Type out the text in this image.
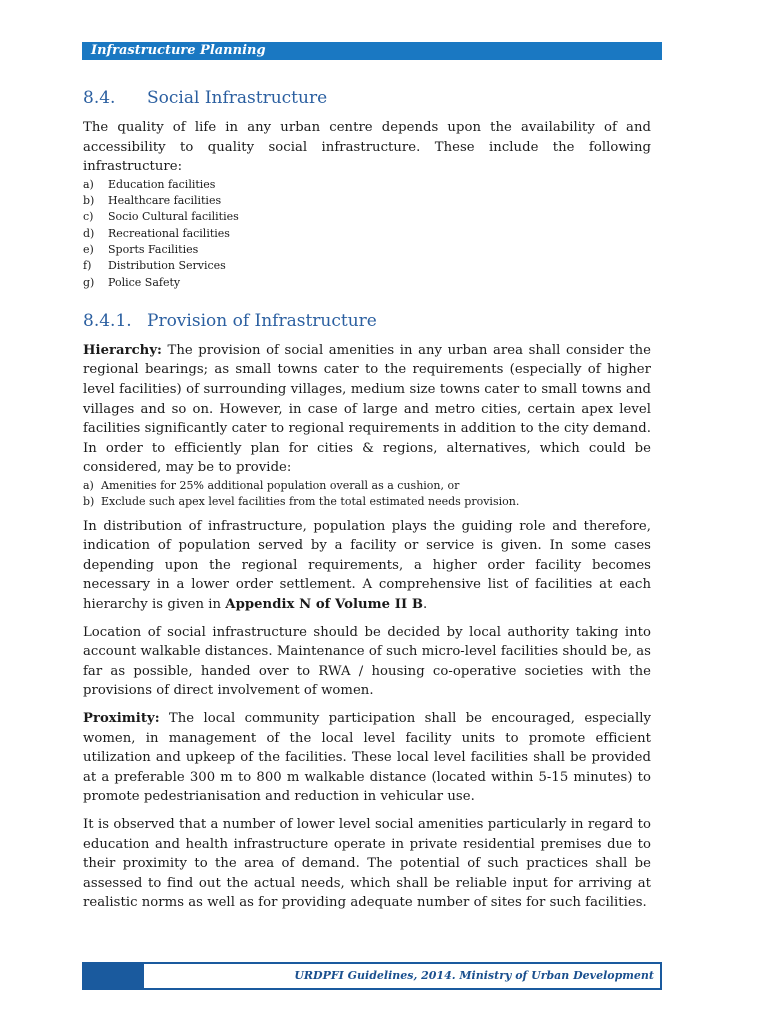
Infrastructure Planning
8.4. Social Infrastructure

The quality of life in any urban centre depends upon the availability of and accessibility to quality social infrastructure. These include the following infrastructure:

a) Education facilities
b) Healthcare facilities
c) Socio Cultural facilities
d) Recreational facilities
e) Sports Facilities
f) Distribution Services
g) Police Safety
8.4.1. Provision of Infrastructure

Hierarchy: The provision of social amenities in any urban area shall consider the regional bearings; as small towns cater to the requirements (especially of higher level facilities) of surrounding villages, medium size towns cater to small towns and villages and so on. However, in case of large and metro cities, certain apex level facilities significantly cater to regional requirements in addition to the city demand. In order to efficiently plan for cities & regions, alternatives, which could be considered, may be to provide:

a) Amenities for 25% additional population overall as a cushion, or
b) Exclude such apex level facilities from the total estimated needs provision.

In distribution of infrastructure, population plays the guiding role and therefore, indication of population served by a facility or service is given. In some cases depending upon the regional requirements, a higher order facility becomes necessary in a lower order settlement. A comprehensive list of facilities at each hierarchy is given in Appendix N of Volume II B.

Location of social infrastructure should be decided by local authority taking into account walkable distances. Maintenance of such micro-level facilities should be, as far as possible, handed over to RWA / housing co-operative societies with the provisions of direct involvement of women.

Proximity: The local community participation shall be encouraged, especially women, in management of the local level facility units to promote efficient utilization and upkeep of the facilities. These local level facilities shall be provided at a preferable 300 m to 800 m walkable distance (located within 5-15 minutes) to promote pedestrianisation and reduction in vehicular use.

It is observed that a number of lower level social amenities particularly in regard to education and health infrastructure operate in private residential premises due to their proximity to the area of demand. The potential of such practices shall be assessed to find out the actual needs, which shall be reliable input for arriving at realistic norms as well as for providing adequate number of sites for such facilities.

URDPFI Guidelines, 2014. Ministry of Urban Development
